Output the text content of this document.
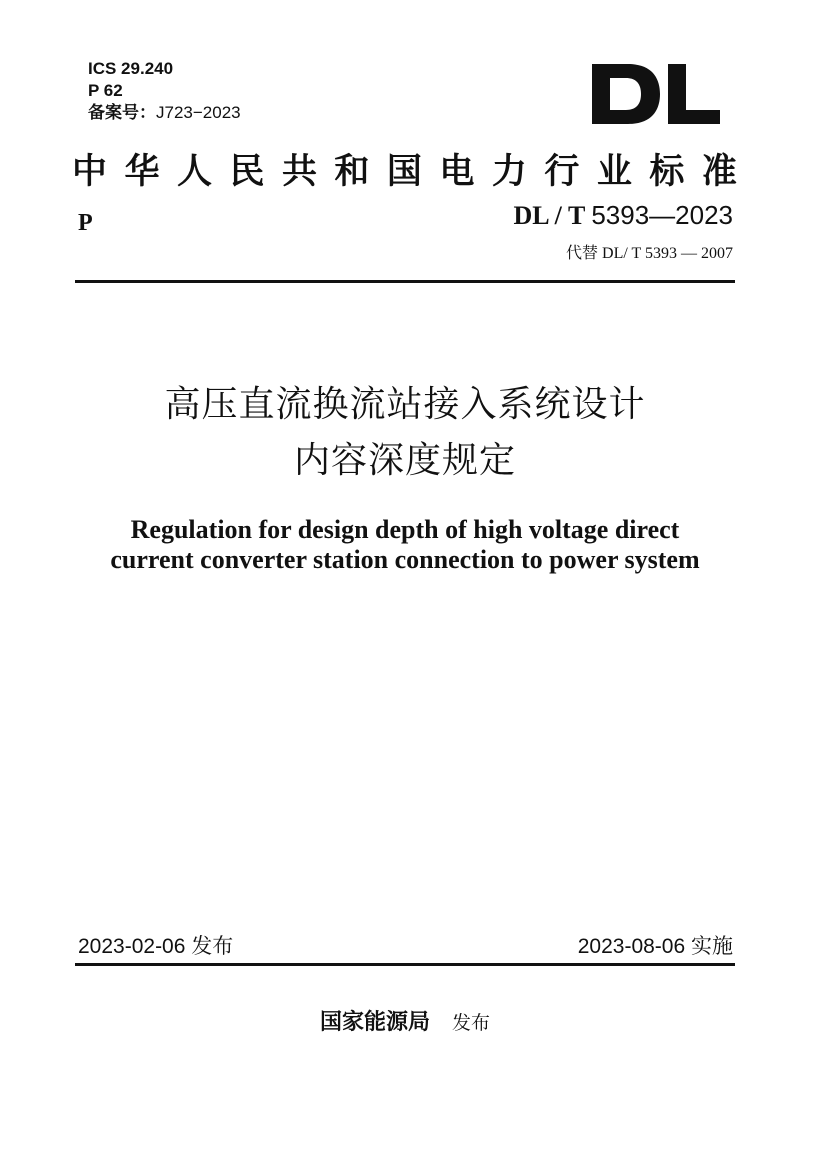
ICS 29.240
P 62
备案号：J723−2023
中 华 人 民 共 和 国 电 力 行 业 标 准
P	DL / T 5393—2023
代替 DL/ T 5393 — 2007
高压直流换流站接入系统设计
内容深度规定
Regulation for design depth of high voltage direct
current converter station connection to power system
2023-02-06 发布	2023-08-06 实施
国家能源局 发布
